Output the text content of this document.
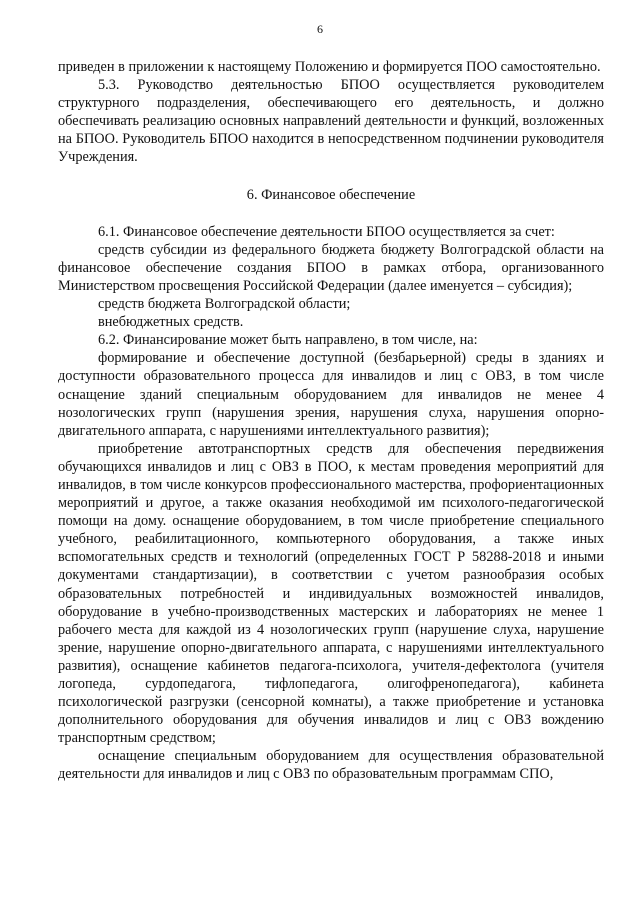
6

приведен в приложении к настоящему Положению и формируется ПОО самостоятельно.

5.3. Руководство деятельностью БПОО осуществляется руководителем структурного подразделения, обеспечивающего его деятельность, и должно обеспечивать реализацию основных направлений деятельности и функций, возложенных на БПОО. Руководитель БПОО находится в непосредственном подчинении руководителя Учреждения.

6. Финансовое обеспечение

6.1. Финансовое обеспечение деятельности БПОО осуществляется за счет:

средств субсидии из федерального бюджета бюджету Волгоградской области на финансовое обеспечение создания БПОО в рамках отбора, организованного Министерством просвещения Российской Федерации (далее именуется – субсидия);

средств бюджета Волгоградской области;

внебюджетных средств.

6.2. Финансирование может быть направлено, в том числе, на:

формирование и обеспечение доступной (безбарьерной) среды в зданиях и доступности образовательного процесса для инвалидов и лиц с ОВЗ, в том числе оснащение зданий специальным оборудованием для инвалидов не менее 4 нозологических групп (нарушения зрения, нарушения слуха, нарушения опорно-двигательного аппарата, с нарушениями интеллектуального развития);

приобретение автотранспортных средств для обеспечения передвижения обучающихся инвалидов и лиц с ОВЗ в ПОО, к местам проведения мероприятий для инвалидов, в том числе конкурсов профессионального мастерства, профориентационных мероприятий и другое, а также оказания необходимой им психолого-педагогической помощи на дому. оснащение оборудованием, в том числе приобретение специального учебного, реабилитационного, компьютерного оборудования, а также иных вспомогательных средств и технологий (определенных ГОСТ Р 58288-2018 и иными документами стандартизации), в соответствии с учетом разнообразия особых образовательных потребностей и индивидуальных возможностей инвалидов, оборудование в учебно-производственных мастерских и лабораториях не менее 1 рабочего места для каждой из 4 нозологических групп (нарушение слуха, нарушение зрение, нарушение опорно-двигательного аппарата, с нарушениями интеллектуального развития), оснащение кабинетов педагога-психолога, учителя-дефектолога (учителя логопеда, сурдопедагога, тифлопедагога, олигофренопедагога), кабинета психологической разгрузки (сенсорной комнаты), а также приобретение и установка дополнительного оборудования для обучения инвалидов и лиц с ОВЗ вождению транспортным средством;

оснащение специальным оборудованием для осуществления образовательной деятельности для инвалидов и лиц с ОВЗ по образовательным программам СПО,
